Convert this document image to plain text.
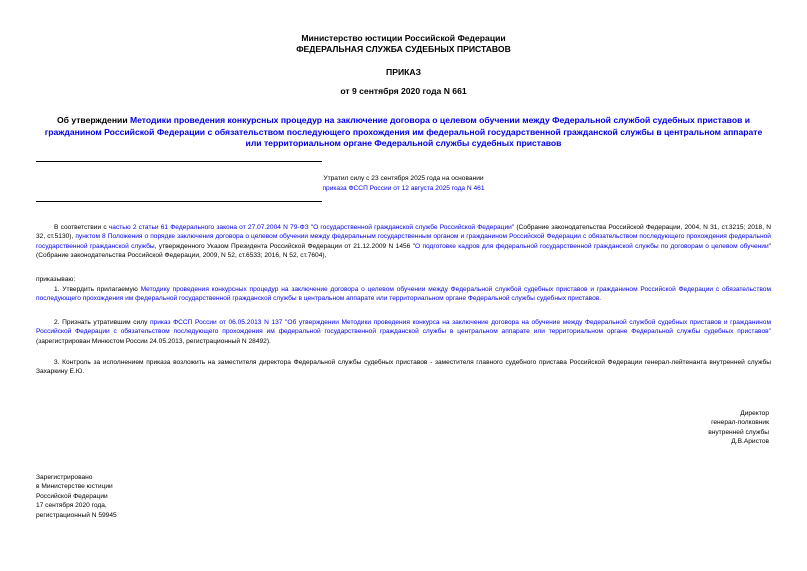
Министерство юстиции Российской Федерации
ФЕДЕРАЛЬНАЯ СЛУЖБА СУДЕБНЫХ ПРИСТАВОВ
ПРИКАЗ
от 9 сентября 2020 года N 661
Об утверждении Методики проведения конкурсных процедур на заключение договора о целевом обучении между Федеральной службой судебных приставов и гражданином Российской Федерации с обязательством последующего прохождения им федеральной государственной гражданской службы в центральном аппарате или территориальном органе Федеральной службы судебных приставов
Утратил силу с 23 сентября 2025 года на основании
приказа ФССП России от 12 августа 2025 года N 461
В соответствии с частью 2 статьи 61 Федерального закона от 27.07.2004 N 79-ФЗ "О государственной гражданской службе Российской Федерации" (Собрание законодательства Российской Федерации, 2004, N 31, ст.3215; 2018, N 32, ст.5130), пунктом 8 Положения о порядке заключения договора о целевом обучении между федеральным государственным органом и гражданином Российской Федерации с обязательством последующего прохождения федеральной государственной гражданской службы, утвержденного Указом Президента Российской Федерации от 21.12.2009 N 1456 "О подготовке кадров для федеральной государственной гражданской службы по договорам о целевом обучении" (Собрание законодательства Российской Федерации, 2009, N 52, ст.6533; 2016, N 52, ст.7604),
приказываю:
1. Утвердить прилагаемую Методику проведения конкурсных процедур на заключение договора о целевом обучении между Федеральной службой судебных приставов и гражданином Российской Федерации с обязательством последующего прохождения им федеральной государственной гражданской службы в центральном аппарате или территориальном органе Федеральной службы судебных приставов.
2. Признать утратившим силу приказ ФССП России от 06.05.2013 N 137 "Об утверждении Методики проведения конкурса на заключение договора на обучение между Федеральной службой судебных приставов и гражданином Российской Федерации с обязательством последующего прохождения им федеральной государственной гражданской службы в центральном аппарате или территориальном органе Федеральной службы судебных приставов" (зарегистрирован Минюстом России 24.05.2013, регистрационный N 28492).
3. Контроль за исполнением приказа возложить на заместителя директора Федеральной службы судебных приставов - заместителя главного судебного пристава Российской Федерации генерал-лейтенанта внутренней службы Захаркину Е.Ю.
Директор
генерал-полковник
внутренней службы
Д.В.Аристов
Зарегистрировано
в Министерстве юстиции
Российской Федерации
17 сентября 2020 года,
регистрационный N 59945
